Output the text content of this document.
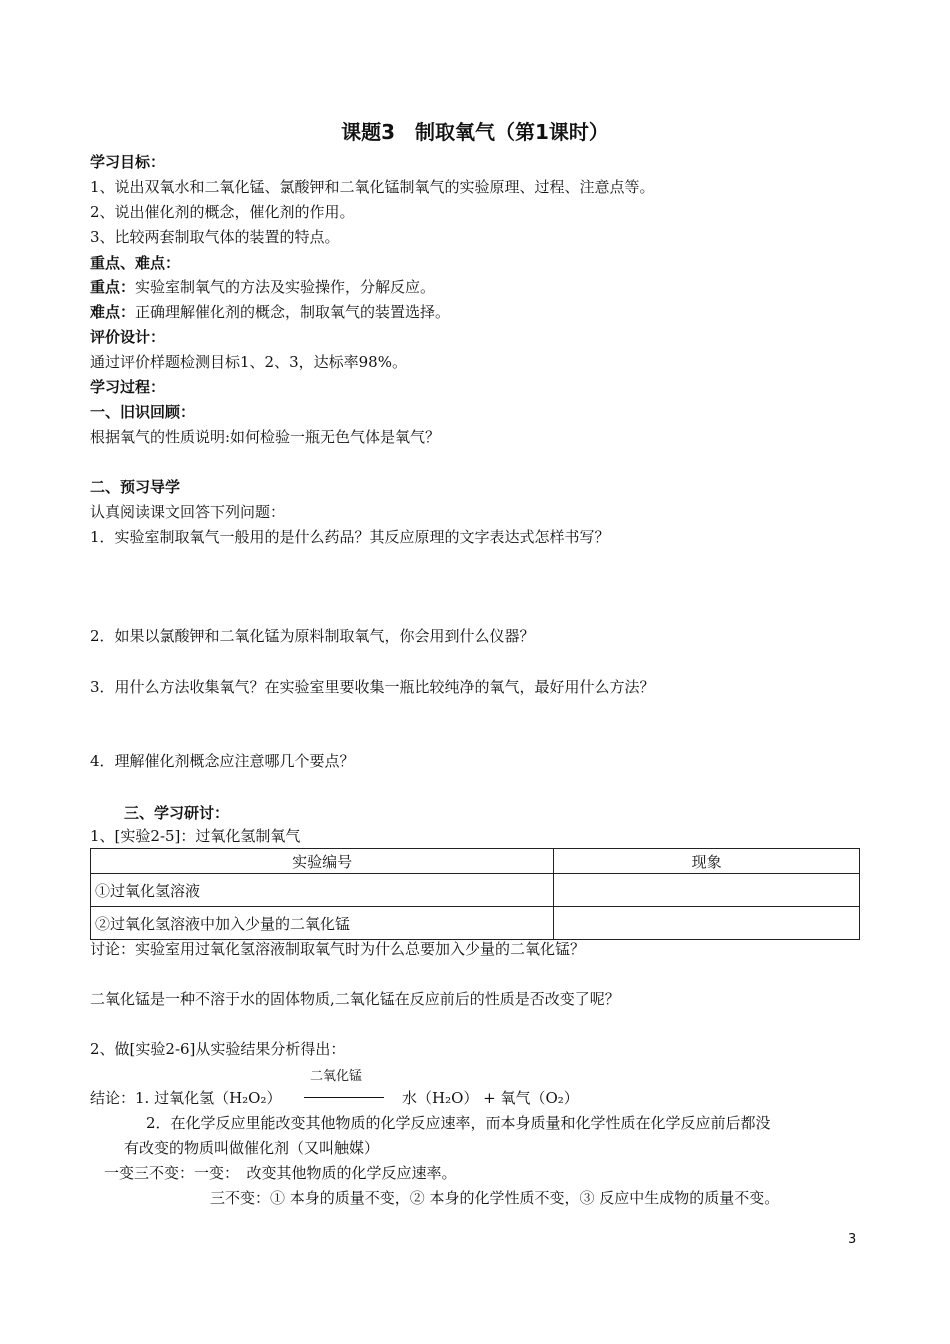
课题3　制取氧气（第1课时）
学习目标：
1、说出双氧水和二氧化锰、氯酸钾和二氧化锰制氧气的实验原理、过程、注意点等。
2、说出催化剂的概念，催化剂的作用。
3、比较两套制取气体的装置的特点。
重点、难点：
重点：实验室制氧气的方法及实验操作，分解反应。
难点：正确理解催化剂的概念，制取氧气的装置选择。
评价设计：
通过评价样题检测目标1、2、3，达标率98%。
学习过程：
一、旧识回顾：
根据氧气的性质说明:如何检验一瓶无色气体是氧气？
二、预习导学
认真阅读课文回答下列问题：
1．实验室制取氧气一般用的是什么药品？其反应原理的文字表达式怎样书写？
2．如果以氯酸钾和二氧化锰为原料制取氧气，你会用到什么仪器？
3．用什么方法收集氧气？在实验室里要收集一瓶比较纯净的氧气，最好用什么方法？
4．理解催化剂概念应注意哪几个要点？
三、学习研讨：
1、[实验2-5]：过氧化氢制氧气
实验编号	现象
①过氧化氢溶液	
②过氧化氢溶液中加入少量的二氧化锰	
讨论：实验室用过氧化氢溶液制取氧气时为什么总要加入少量的二氧化锰？
二氧化锰是一种不溶于水的固体物质,二氧化锰在反应前后的性质是否改变了呢？
2、做[实验2-6]从实验结果分析得出：
二氧化锰
结论：1. 过氧化氢（H₂O₂）	水（H₂O） + 氧气（O₂）
2．在化学反应里能改变其他物质的化学反应速率，而本身质量和化学性质在化学反应前后都没
有改变的物质叫做催化剂（又叫触媒）
一变三不变：一变：　改变其他物质的化学反应速率。
三不变：① 本身的质量不变，② 本身的化学性质不变，③ 反应中生成物的质量不变。
3
